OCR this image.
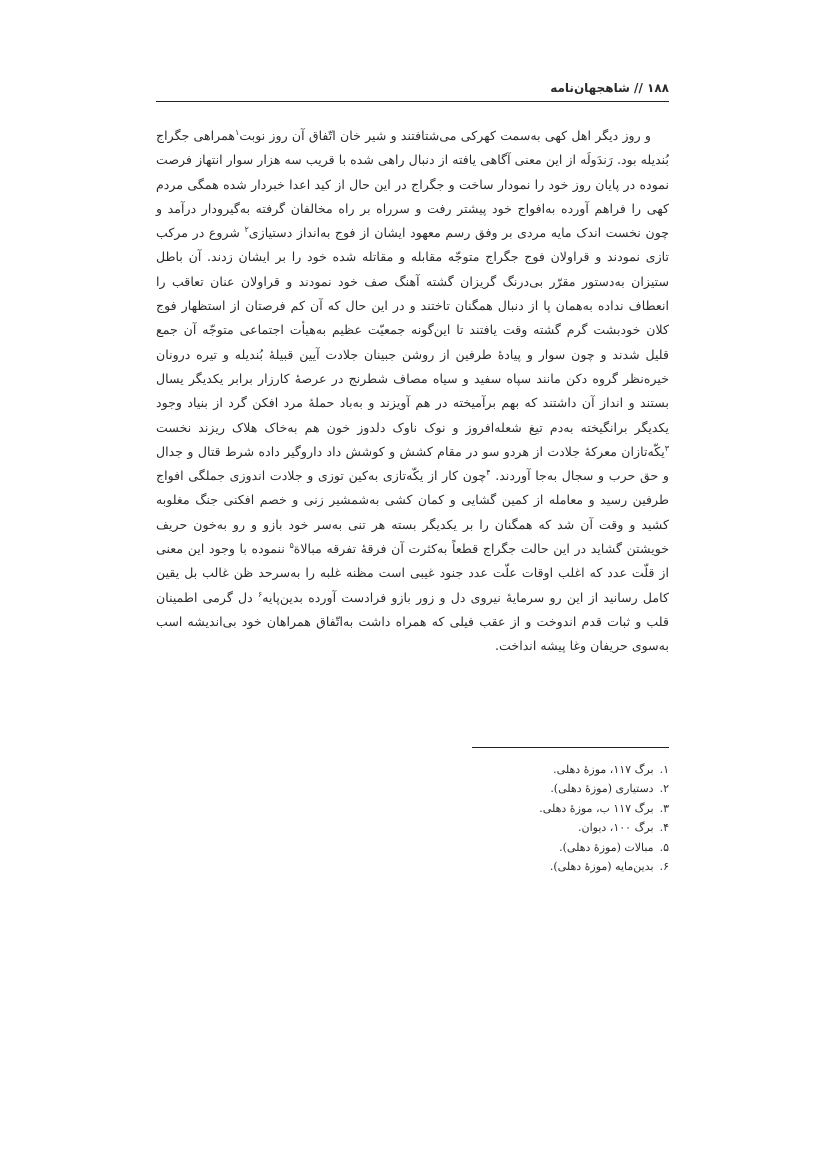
۱۸۸ // شاهجهان‌نامه

و روز دیگر اهل کهی به‌سمت کهرکی می‌شتافتند و شیر خان اتّفاق آن روز نوبت$^۱$همراهی جگراج بُندیله بود. رَندَولَه از این معنی آگاهی یافته از دنبال راهی شده با قریب سه هزار سوار انتهاز فرصت نموده در پایان روز خود را نمودار ساخت و جگراج در این حال از کید اعدا خبردار شده همگی مردم کهی را فراهم آورده به‌افواج خود پیشتر رفت و سرراه بر راه مخالفان گرفته به‌گیرودار درآمد و چون نخست اندک مایه مردی بر وفق رسم معهود ایشان از فوج به‌انداز دستیازی$^۲$ شروع در مرکب تازی نمودند و قراولان فوج جگراج متوجّه مقابله و مقاتله شده خود را بر ایشان زدند. آن باطل ستیزان به‌دستور مقرّر بی‌درنگ گریزان گشته آهنگ صف خود نمودند و قراولان عنان تعاقب را انعطاف نداده به‌همان پا از دنبال همگنان تاختند و در این حال که آن کم فرصتان از استظهار فوج کلان خودبشت گرم گشته وقت یافتند تا این‌گونه جمعیّت عظیم به‌هیأت اجتماعی متوجّه آن جمع قلیل شدند و چون سوار و پیادهٔ طرفین از روشن جبینان جلادت آیین قبیلهٔ بُندیله و تیره درونان خیره‌نظر گروه دکن مانند سپاه سفید و سیاه مصاف شطرنج در عرصهٔ کارزار برابر یکدیگر یسال بستند و انداز آن داشتند که بهم برآمیخته در هم آویزند و به‌باد حملهٔ مرد افکن گرد از بنیاد وجود یکدیگر برانگیخته به‌دم تیغ شعله‌افروز و نوک ناوک دلدوز خون هم به‌خاک هلاک ریزند نخست $^۳$یکّه‌تازان معرکهٔ جلادت از هردو سو در مقام کشش و کوشش داد داروگیر داده شرط قتال و جدال و حق حرب و سجال به‌جا آوردند. $^۴$چون کار از یکّه‌تازی به‌کین توزی و جلادت اندوزی جملگی افواج طرفین رسید و معامله از کمین گشایی و کمان کشی به‌شمشیر زنی و خصم افکنی جنگ مغلوبه کشید و وقت آن شد که همگنان را بر یکدیگر بسته هر تنی به‌سر خود بازو و رو به‌خون حریف خویشتن گشاید در این حالت جگراج قطعاً به‌کثرت آن فرقهٔ تفرقه مبالاة$^۵$ ننموده با وجود این معنی از قلّت عدد که اغلب اوقات علّت عدد جنود غیبی است مظنه غلبه را به‌سرحد ظن غالب بل یقین کامل رسانید از این رو سرمایهٔ نیروی دل و زور بازو فرادست آورده بدین‌پایه$^۶$ دل گرمی اطمینان قلب و ثبات قدم اندوخت و از عقب فیلی که همراه داشت به‌اتّفاق همراهان خود بی‌اندیشه اسب به‌سوی حریفان وغا پیشه انداخت.

۱.برگ ۱۱۷، موزهٔ دهلی.
۲.دستیاری (موزهٔ دهلی).
۳.برگ ۱۱۷ ب، موزهٔ دهلی.
۴.برگ ۱۰۰، دیوان.
۵.مبالات (موزهٔ دهلی).
۶.بدین‌مایه (موزهٔ دهلی).
